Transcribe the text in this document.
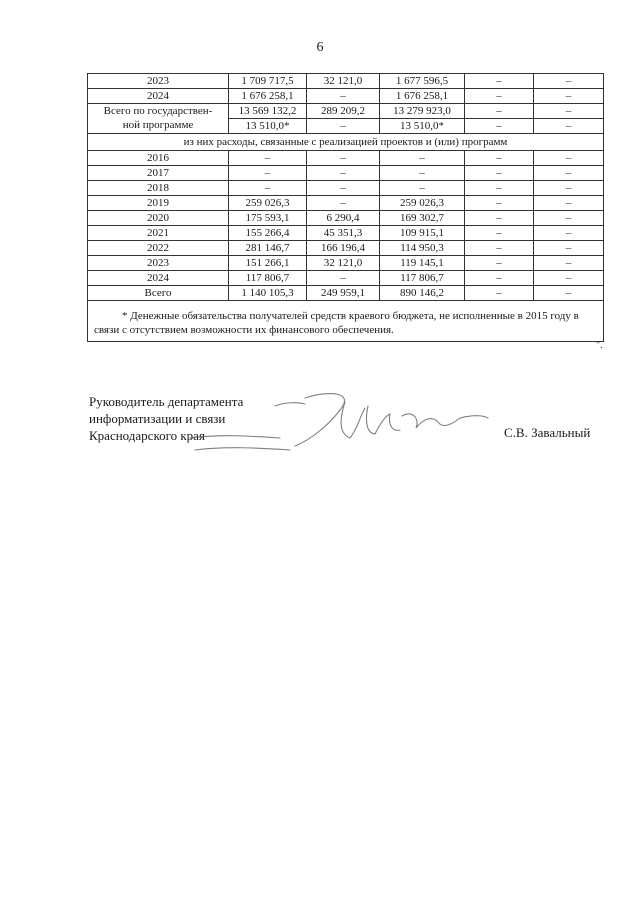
6
2023	1 709 717,5	32 121,0	1 677 596,5	–	–
2024	1 676 258,1	–	1 676 258,1	–	–
Всего по государствен-	13 569 132,2	289 209,2	13 279 923,0	–	–
ной программе	13 510,0*	–	13 510,0*	–	–
из них расходы, связанные с реализацией проектов и (или) программ					
2016	–	–	–	–	–
2017	–	–	–	–	–
2018	–	–	–	–	–
2019	259 026,3	–	259 026,3	–	–
2020	175 593,1	6 290,4	169 302,7	–	–
2021	155 266,4	45 351,3	109 915,1	–	–
2022	281 146,7	166 196,4	114 950,3	–	–
2023	151 266,1	32 121,0	119 145,1	–	–
2024	117 806,7	–	117 806,7	–	–
Всего	1 140 105,3	249 959,1	890 146,2	–	–
* Денежные обязательства получателей средств краевого бюджета, не исполненные в 2015 году в связи с отсутствием возможности их финансового обеспечения.					
".
Руководитель департамента
информатизации и связи
Краснодарского края	С.В. Завальный
